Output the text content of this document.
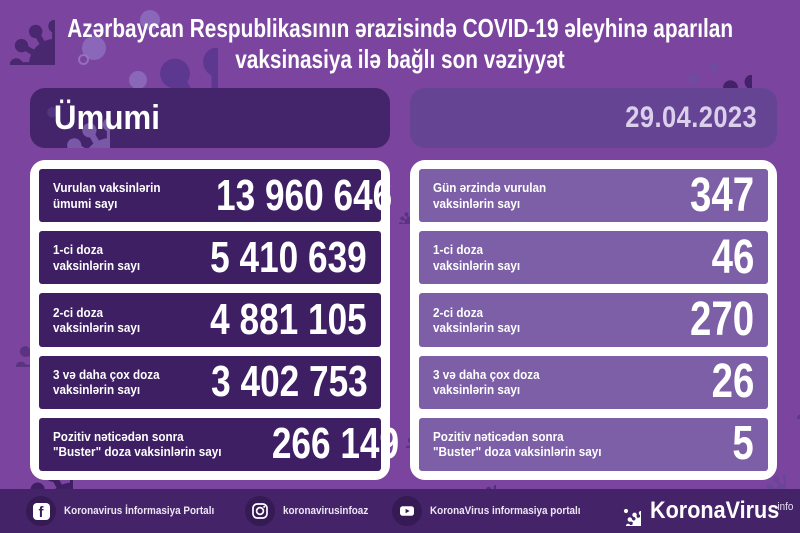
Azərbaycan Respublikasının ərazisində COVID-19 əleyhinə aparılan
vaksinasiya ilə bağlı son vəziyyət
Ümumi
Vurulan vaksinlərin
ümumi sayı	13 960 646
1-ci doza
vaksinlərin sayı 5 410 639
2-ci doza
vaksinlərin sayı 4 881 105
3 və daha çox doza
vaksinlərin sayı	3 402 753
Pozitiv nəticədən sonra
"Buster" doza vaksinlərin sayı 266 149
29.04.2023
Gün ərzində vurulan
vaksinlərin sayı	347
1-ci doza
vaksinlərin sayı	46
2-ci doza
vaksinlərin sayı	270
3 və daha çox doza
vaksinlərin sayı	26
Pozitiv nəticədən sonra
"Buster" doza vaksinlərin sayı	5
f
Koronavirus İnformasiya Portalı	koronavirusinfoaz	KoronaVirus informasiya portalı	KoronaVirus$^{info}$
